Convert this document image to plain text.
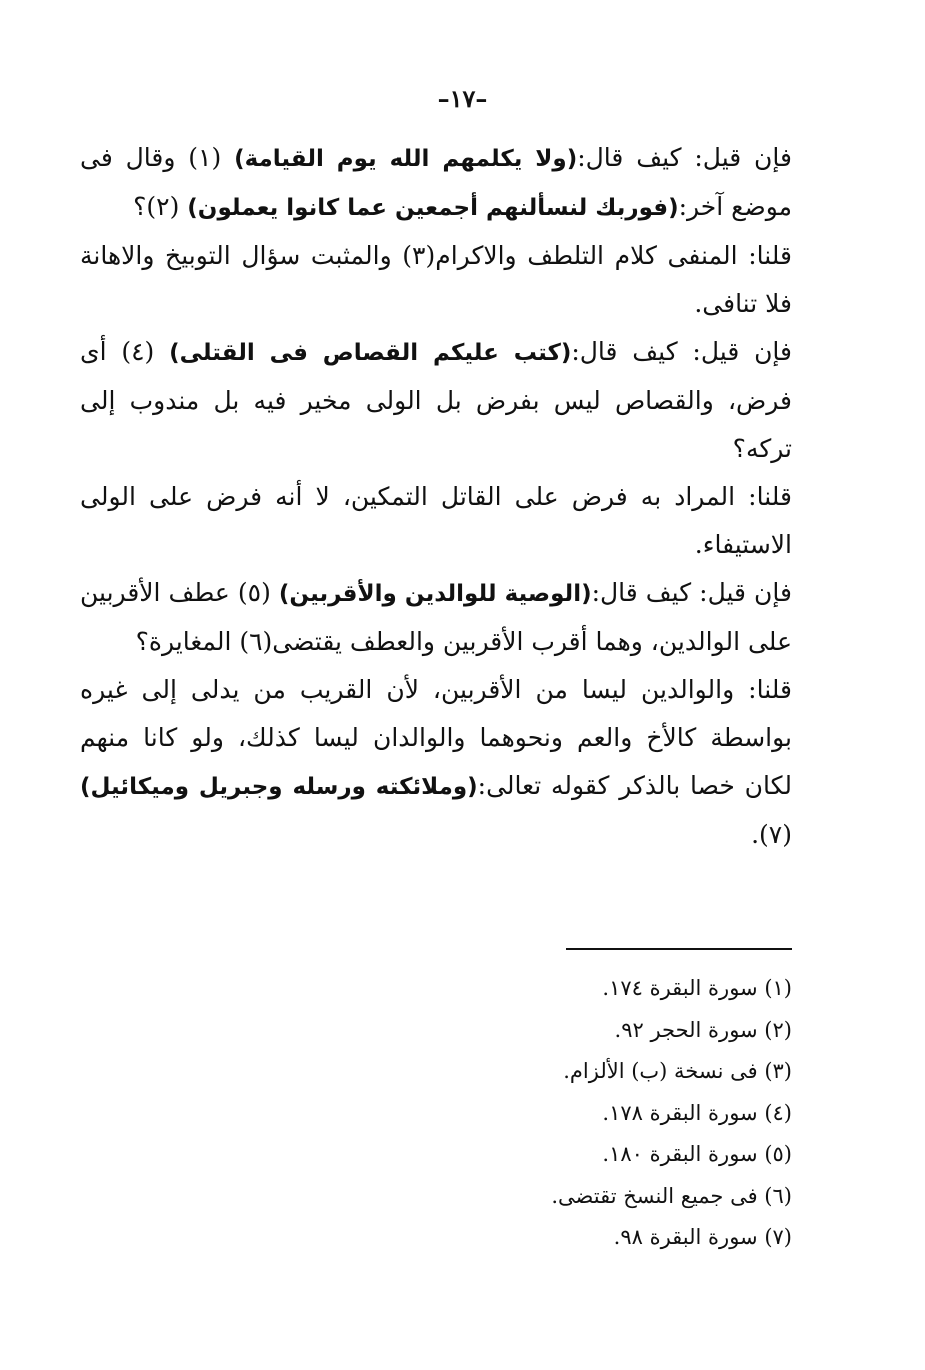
–١٧–

فإن قيل: كيف قال:(ولا يكلمهم الله يوم القيامة) (١) وقال فى موضع آخر:(فوربك لنسألنهم أجمعين عما كانوا يعملون) (٢)؟

قلنا: المنفى كلام التلطف والاكرام(٣) والمثبت سؤال التوبيخ والاهانة فلا تنافى.

فإن قيل: كيف قال:(كتب عليكم القصاص فى القتلى) (٤) أى فرض، والقصاص ليس بفرض بل الولى مخير فيه بل مندوب إلى تركه؟

قلنا: المراد به فرض على القاتل التمكين، لا أنه فرض على الولى الاستيفاء.

فإن قيل: كيف قال:(الوصية للوالدين والأقربين) (٥) عطف الأقربين على الوالدين، وهما أقرب الأقربين والعطف يقتضى(٦) المغايرة؟

قلنا: والوالدين ليسا من الأقربين، لأن القريب من يدلى إلى غيره بواسطة كالأخ والعم ونحوهما والوالدان ليسا كذلك، ولو كانا منهم لكان خصا بالذكر كقوله تعالى:(وملائكته ورسله وجبريل وميكائيل) (٧).

(١) سورة البقرة ١٧٤.
(٢) سورة الحجر ٩٢.
(٣) فى نسخة (ب) الألزام.
(٤) سورة البقرة ١٧٨.
(٥) سورة البقرة ١٨٠.
(٦) فى جميع النسخ تقتضى.
(٧) سورة البقرة ٩٨.
